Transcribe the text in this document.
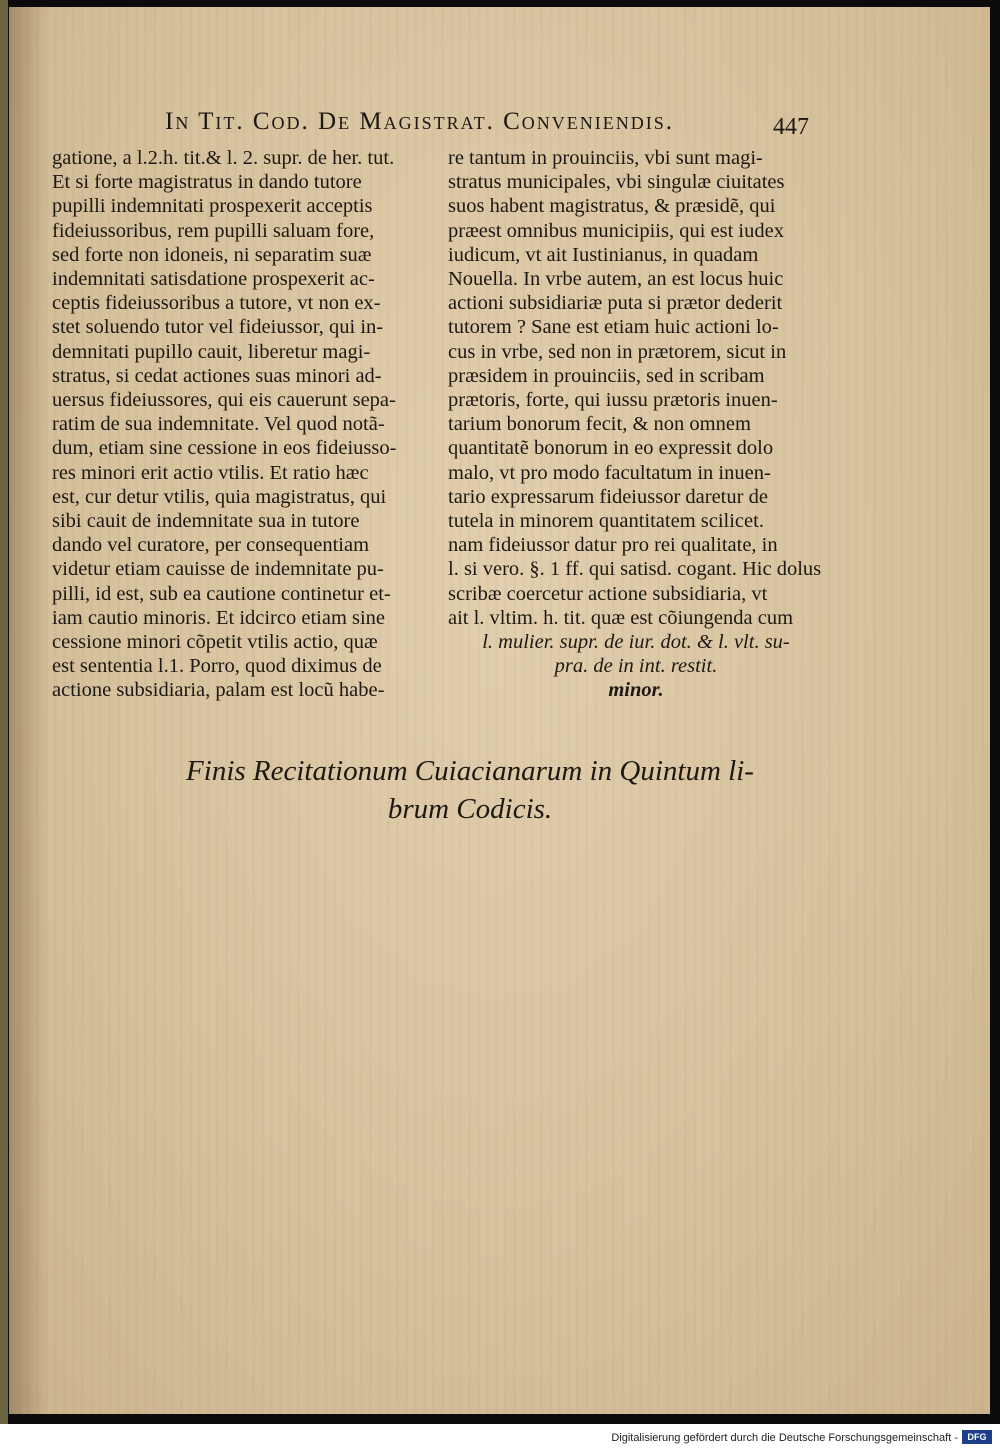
In Tit. Cod. De Magistrat. Conveniendis.	447
gatione, a l.2.h. tit.& l. 2. supr. de her. tut.
Et si forte magistratus in dando tutore
pupilli indemnitati prospexerit acceptis
fideiussoribus, rem pupilli saluam fore,
sed forte non idoneis, ni separatim suæ
indemnitati satisdatione prospexerit ac-
ceptis fideiussoribus a tutore, vt non ex-
stet soluendo tutor vel fideiussor, qui in-
demnitati pupillo cauit, liberetur magi-
stratus, si cedat actiones suas minori ad-
uersus fideiussores, qui eis cauerunt sepa-
ratim de sua indemnitate. Vel quod notã-
dum, etiam sine cessione in eos fideiusso-
res minori erit actio vtilis. Et ratio hæc
est, cur detur vtilis, quia magistratus, qui
sibi cauit de indemnitate sua in tutore
dando vel curatore, per consequentiam
videtur etiam cauisse de indemnitate pu-
pilli, id est, sub ea cautione continetur et-
iam cautio minoris. Et idcirco etiam sine
cessione minori cõpetit vtilis actio, quæ
est sententia l.1. Porro, quod diximus de
actione subsidiaria, palam est locũ habe-
re tantum in prouinciis, vbi sunt magi-
stratus municipales, vbi singulæ ciuitates
suos habent magistratus, & præsidẽ, qui
præest omnibus municipiis, qui est iudex
iudicum, vt ait Iustinianus, in quadam
Nouella. In vrbe autem, an est locus huic
actioni subsidiariæ puta si prætor dederit
tutorem ? Sane est etiam huic actioni lo-
cus in vrbe, sed non in prætorem, sicut in
præsidem in prouinciis, sed in scribam
prætoris, forte, qui iussu prætoris inuen-
tarium bonorum fecit, & non omnem
quantitatẽ bonorum in eo expressit dolo
malo, vt pro modo facultatum in inuen-
tario expressarum fideiussor daretur de
tutela in minorem quantitatem scilicet.
nam fideiussor datur pro rei qualitate, in
l. si vero. §. 1 ff. qui satisd. cogant. Hic dolus
scribæ coercetur actione subsidiaria, vt
ait l. vltim. h. tit. quæ est cõiungenda cum
l. mulier. supr. de iur. dot. & l. vlt. su-
pra. de in int. restit.
minor.
Finis Recitationum Cuiacianarum in Quintum li-
brum Codicis.
Digitalisierung gefördert durch die Deutsche Forschungsgemeinschaft -	DFG
